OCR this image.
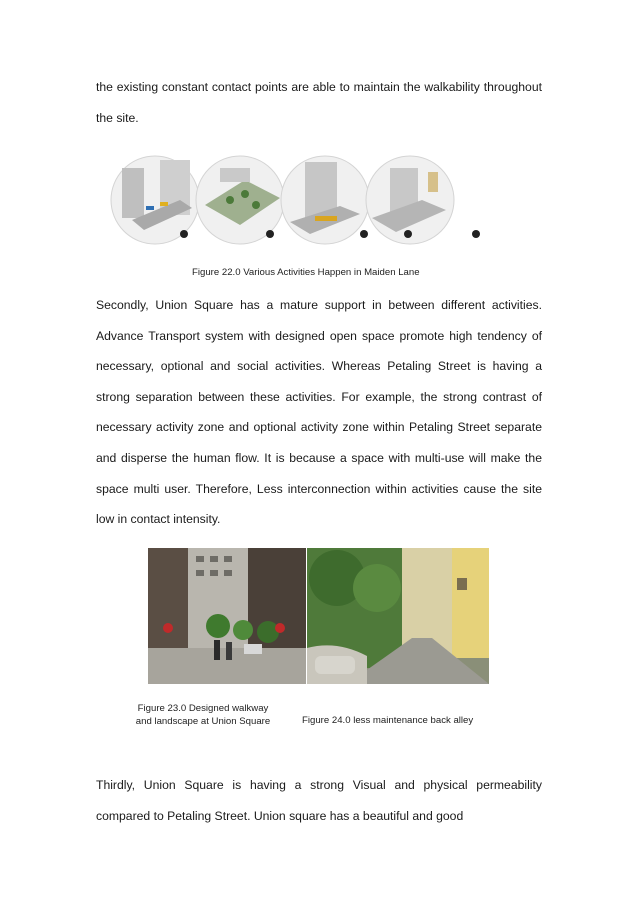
the existing constant contact points are able to maintain the walkability throughout the site.

Figure 22.0 Various Activities Happen in Maiden Lane

Secondly, Union Square has a mature support in between different activities. Advance Transport system with designed open space promote high tendency of necessary, optional and social activities. Whereas Petaling Street is having a strong separation between these activities. For example, the strong contrast of necessary activity zone and optional activity zone within Petaling Street separate and disperse the human flow. It is because a space with multi-use will make the space multi user. Therefore, Less interconnection within activities cause the site low in contact intensity.

Figure 23.0 Designed walkway
and landscape at Union Square	Figure 24.0 less maintenance back alley

Thirdly, Union Square is having a strong Visual and physical permeability compared to Petaling Street. Union square has a beautiful and good
